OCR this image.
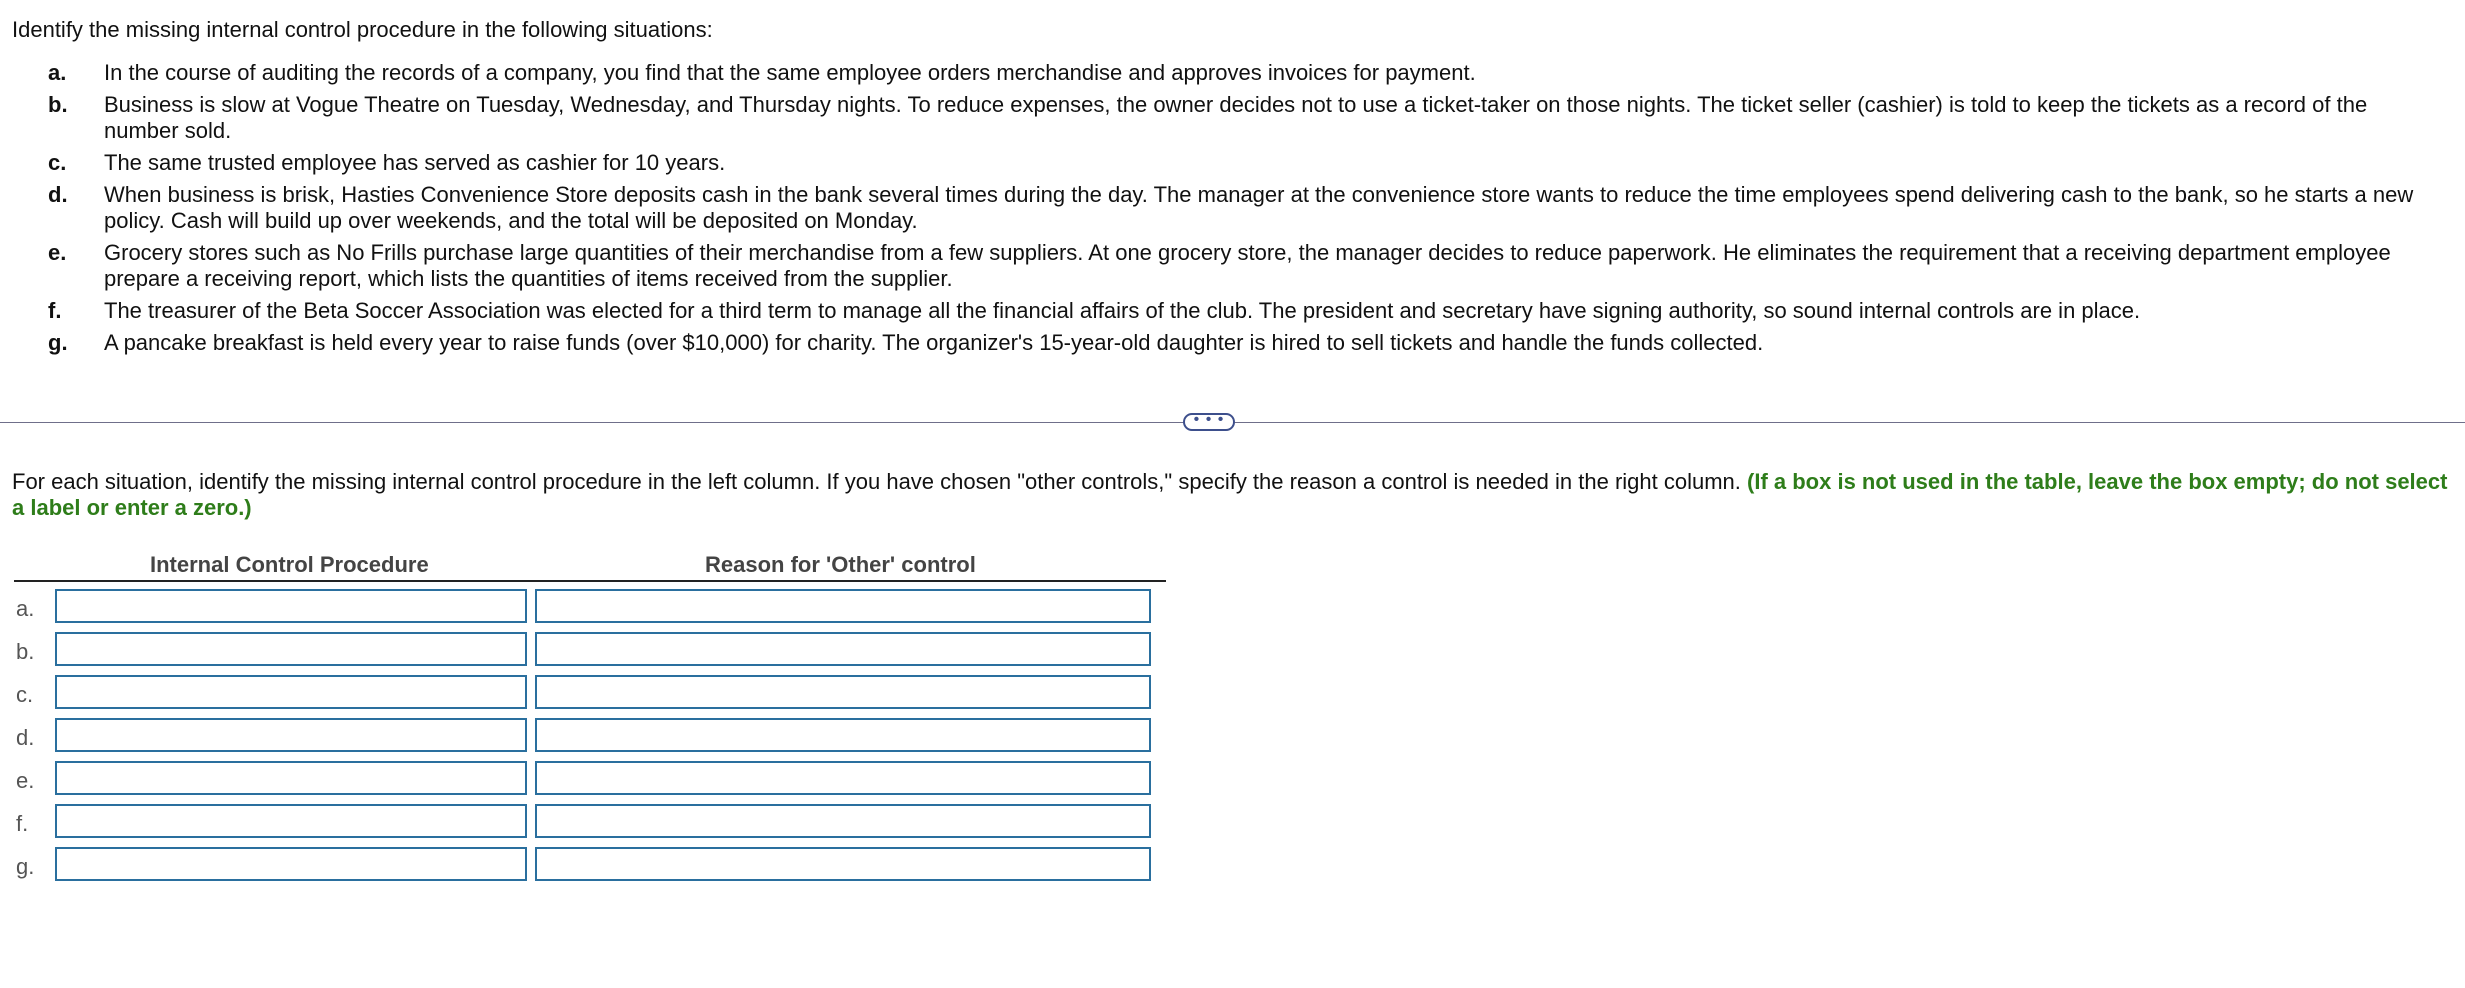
Identify the missing internal control procedure in the following situations:
a.	In the course of auditing the records of a company, you find that the same employee orders merchandise and approves invoices for payment.
b.	Business is slow at Vogue Theatre on Tuesday, Wednesday, and Thursday nights. To reduce expenses, the owner decides not to use a ticket-taker on those nights. The ticket seller (cashier) is told to keep the tickets as a record of the number sold.
c.	The same trusted employee has served as cashier for 10 years.
d.	When business is brisk, Hasties Convenience Store deposits cash in the bank several times during the day. The manager at the convenience store wants to reduce the time employees spend delivering cash to the bank, so he starts a new policy. Cash will build up over weekends, and the total will be deposited on Monday.
e.	Grocery stores such as No Frills purchase large quantities of their merchandise from a few suppliers. At one grocery store, the manager decides to reduce paperwork. He eliminates the requirement that a receiving department employee prepare a receiving report, which lists the quantities of items received from the supplier.
f.	The treasurer of the Beta Soccer Association was elected for a third term to manage all the financial affairs of the club. The president and secretary have signing authority, so sound internal controls are in place.
g.	A pancake breakfast is held every year to raise funds (over $10,000) for charity. The organizer's 15-year-old daughter is hired to sell tickets and handle the funds collected.
• • •
For each situation, identify the missing internal control procedure in the left column. If you have chosen "other controls," specify the reason a control is needed in the right column. (If a box is not used in the table, leave the box empty; do not select a label or enter a zero.)
Internal Control Procedure	Reason for 'Other' control
a.
b.
c.
d.
e.
f.
g.
